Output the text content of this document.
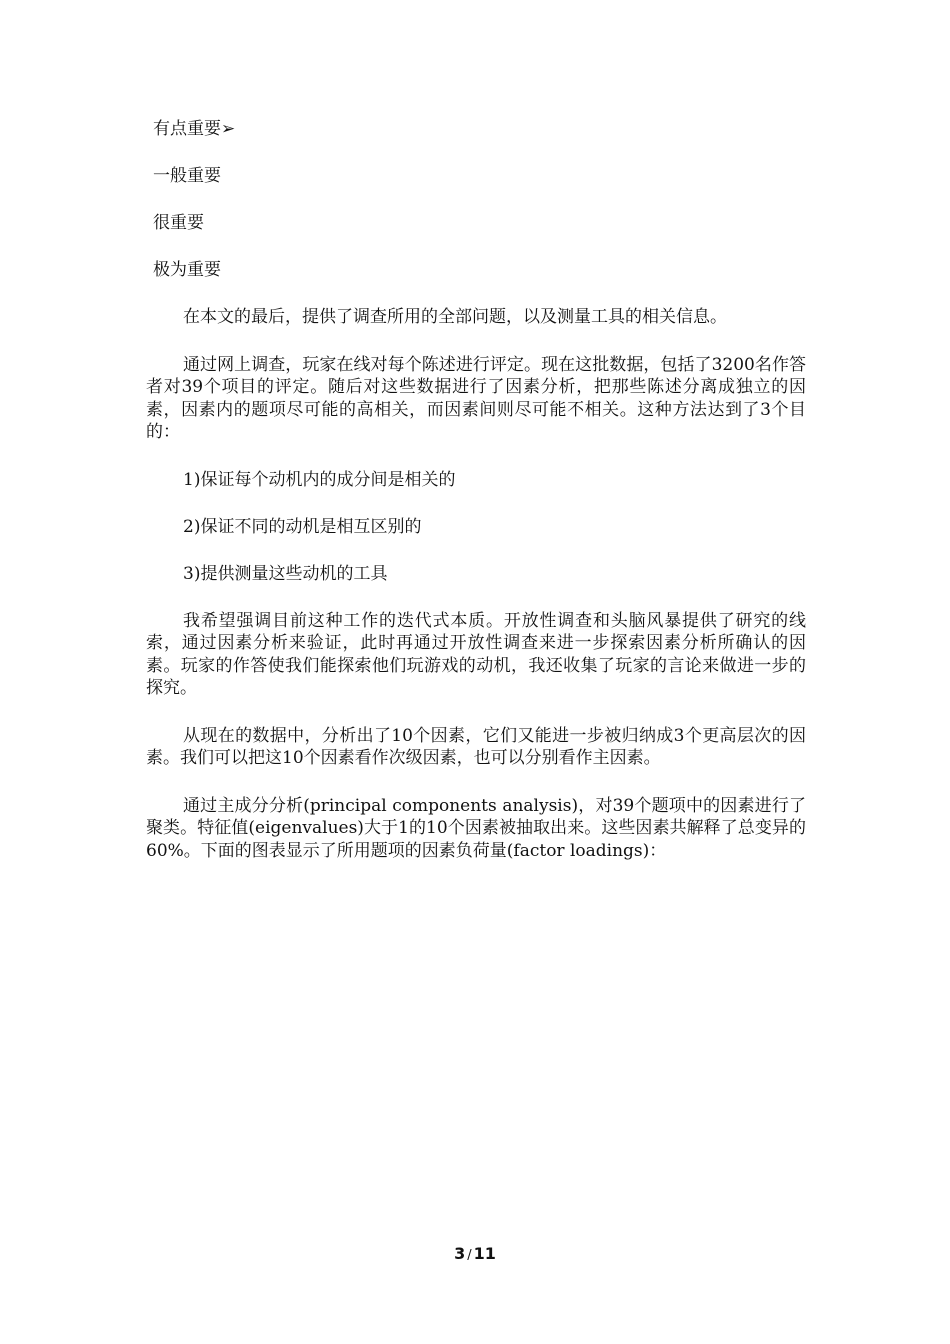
有点重要➢

一般重要

很重要

极为重要

在本文的最后，提供了调查所用的全部问题，以及测量工具的相关信息。

通过网上调查，玩家在线对每个陈述进行评定。现在这批数据，包括了3200名作答者对39个项目的评定。随后对这些数据进行了因素分析，把那些陈述分离成独立的因素，因素内的题项尽可能的高相关，而因素间则尽可能不相关。这种方法达到了3个目的：

1)保证每个动机内的成分间是相关的

2)保证不同的动机是相互区别的

3)提供测量这些动机的工具

我希望强调目前这种工作的迭代式本质。开放性调查和头脑风暴提供了研究的线索，通过因素分析来验证，此时再通过开放性调查来进一步探索因素分析所确认的因素。玩家的作答使我们能探索他们玩游戏的动机，我还收集了玩家的言论来做进一步的探究。

从现在的数据中，分析出了10个因素，它们又能进一步被归纳成3个更高层次的因素。我们可以把这10个因素看作次级因素，也可以分别看作主因素。

通过主成分分析(principal components analysis)，对39个题项中的因素进行了聚类。特征值(eigenvalues)大于1的10个因素被抽取出来。这些因素共解释了总变异的 60%。下面的图表显示了所用题项的因素负荷量(factor loadings)：

3 / 11
